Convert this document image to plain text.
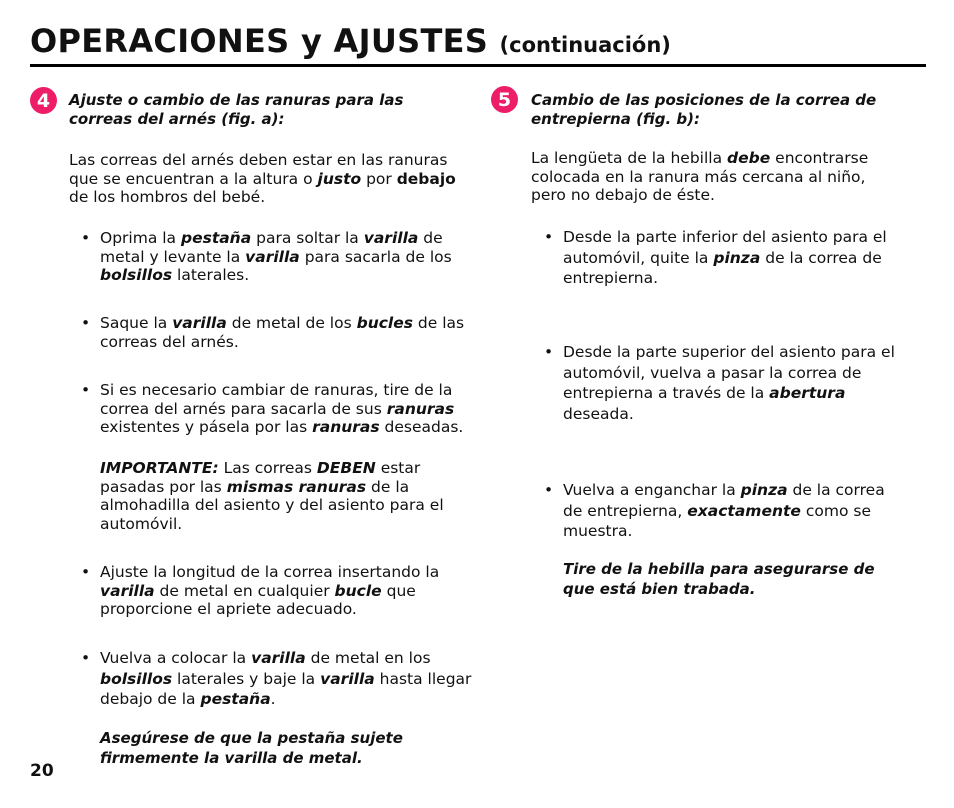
OPERACIONES y AJUSTES (continuación)
4	Ajuste o cambio de las ranuras para las
correas del arnés (fig. a):
Las correas del arnés deben estar en las ranuras que se encuentran a la altura o justo por debajo de los hombros del bebé.
• Oprima la pestaña para soltar la varilla de metal y levante la varilla para sacarla de los bolsillos laterales.
• Saque la varilla de metal de los bucles de las correas del arnés.
• Si es necesario cambiar de ranuras, tire de la correa del arnés para sacarla de sus ranuras existentes y pásela por las ranuras deseadas.
IMPORTANTE: Las correas DEBEN estar pasadas por las mismas ranuras de la almohadilla del asiento y del asiento para el automóvil.
• Ajuste la longitud de la correa insertando la varilla de metal en cualquier bucle que proporcione el apriete adecuado.
• Vuelva a colocar la varilla de metal en los bolsillos laterales y baje la varilla hasta llegar debajo de la pestaña.
Asegúrese de que la pestaña sujete
firmemente la varilla de metal.
5	Cambio de las posiciones de la correa de
entrepierna (fig. b):
La lengüeta de la hebilla debe encontrarse colocada en la ranura más cercana al niño, pero no debajo de éste.
• Desde la parte inferior del asiento para el automóvil, quite la pinza de la correa de entrepierna.
• Desde la parte superior del asiento para el automóvil, vuelva a pasar la correa de entrepierna a través de la abertura deseada.
• Vuelva a enganchar la pinza de la correa de entrepierna, exactamente como se muestra.
Tire de la hebilla para asegurarse de
que está bien trabada.
20
